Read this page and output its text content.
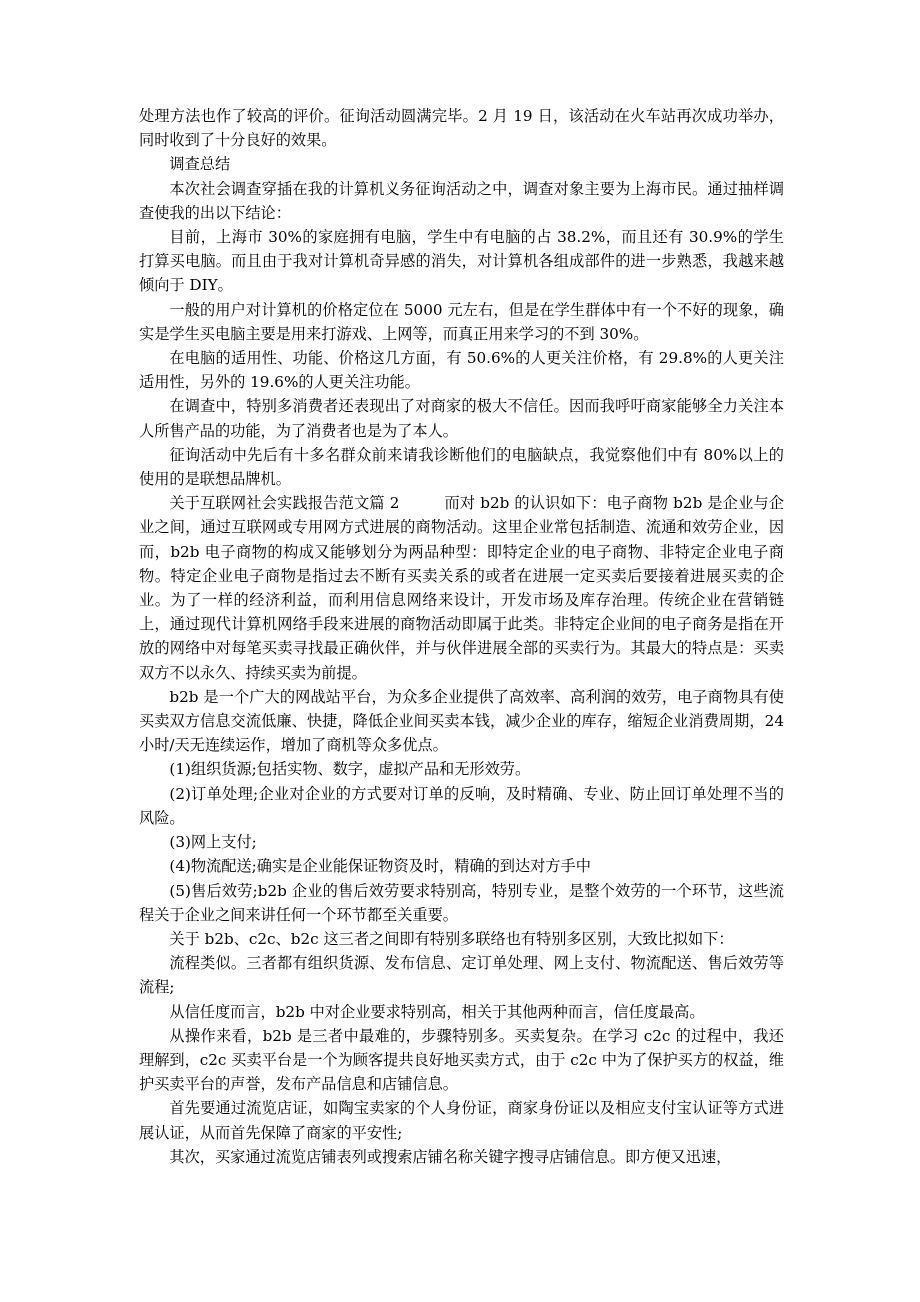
处理方法也作了较高的评价。征询活动圆满完毕。2 月 19 日，该活动在火车站再次成功举办，同时收到了十分良好的效果。

调查总结

本次社会调查穿插在我的计算机义务征询活动之中，调查对象主要为上海市民。通过抽样调查使我的出以下结论：

目前，上海市 30%的家庭拥有电脑，学生中有电脑的占 38.2%，而且还有 30.9%的学生打算买电脑。而且由于我对计算机奇异感的消失，对计算机各组成部件的进一步熟悉，我越来越倾向于 DIY。

一般的用户对计算机的价格定位在 5000 元左右，但是在学生群体中有一个不好的现象，确实是学生买电脑主要是用来打游戏、上网等，而真正用来学习的不到 30%。

在电脑的适用性、功能、价格这几方面，有 50.6%的人更关注价格，有 29.8%的人更关注适用性，另外的 19.6%的人更关注功能。

在调查中，特别多消费者还表现出了对商家的极大不信任。因而我呼吁商家能够全力关注本人所售产品的功能，为了消费者也是为了本人。

征询活动中先后有十多名群众前来请我诊断他们的电脑缺点，我觉察他们中有 80%以上的使用的是联想品牌机。

关于互联网社会实践报告范文篇 2	而对 b2b 的认识如下：电子商物 b2b 是企业与企业之间，通过互联网或专用网方式进展的商物活动。这里企业常包括制造、流通和效劳企业，因而，b2b 电子商物的构成又能够划分为两品种型：即特定企业的电子商物、非特定企业电子商物。特定企业电子商物是指过去不断有买卖关系的或者在进展一定买卖后要接着进展买卖的企业。为了一样的经济利益，而利用信息网络来设计，开发市场及库存治理。传统企业在营销链上，通过现代计算机网络手段来进展的商物活动即属于此类。非特定企业间的电子商务是指在开放的网络中对每笔买卖寻找最正确伙伴，并与伙伴进展全部的买卖行为。其最大的特点是：买卖双方不以永久、持续买卖为前提。

b2b 是一个广大的网战站平台，为众多企业提供了高效率、高利润的效劳，电子商物具有使买卖双方信息交流低廉、快捷，降低企业间买卖本钱，减少企业的库存，缩短企业消费周期，24 小时/天无连续运作，增加了商机等众多优点。

(1)组织货源;包括实物、数字，虚拟产品和无形效劳。

(2)订单处理;企业对企业的方式要对订单的反响，及时精确、专业、防止回订单处理不当的风险。

(3)网上支付;

(4)物流配送;确实是企业能保证物资及时，精确的到达对方手中

(5)售后效劳;b2b 企业的售后效劳要求特别高，特别专业，是整个效劳的一个环节，这些流程关于企业之间来讲任何一个环节都至关重要。

关于 b2b、c2c、b2c 这三者之间即有特别多联络也有特别多区别，大致比拟如下：

流程类似。三者都有组织货源、发布信息、定订单处理、网上支付、物流配送、售后效劳等流程;

从信任度而言，b2b 中对企业要求特别高，相关于其他两种而言，信任度最高。

从操作来看，b2b 是三者中最难的，步骤特别多。买卖复杂。在学习 c2c 的过程中，我还理解到，c2c 买卖平台是一个为顾客提共良好地买卖方式，由于 c2c 中为了保护买方的权益，维护买卖平台的声誉，发布产品信息和店铺信息。

首先要通过流览店证，如陶宝卖家的个人身份证，商家身份证以及相应支付宝认证等方式进展认证，从而首先保障了商家的平安性;

其次，买家通过流览店铺表列或搜索店铺名称关键字搜寻店铺信息。即方便又迅速，
